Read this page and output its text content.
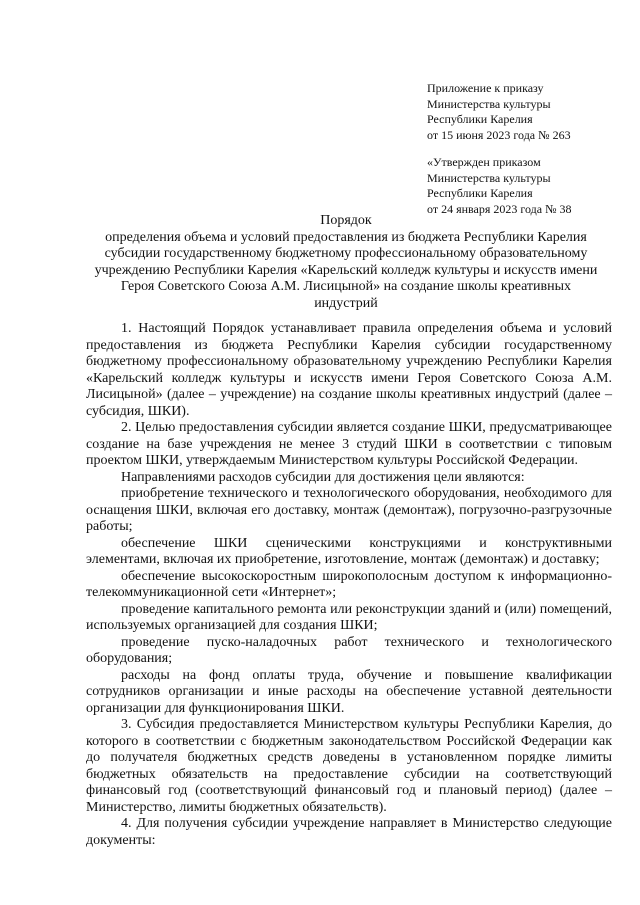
Приложение к приказу
Министерства культуры
Республики Карелия
от 15 июня 2023 года № 263
«Утвержден приказом
Министерства культуры
Республики Карелия
от 24 января 2023 года № 38
Порядок
определения объема и условий предоставления из бюджета Республики Карелия
субсидии государственному бюджетному профессиональному образовательному
учреждению Республики Карелия «Карельский колледж культуры и искусств имени
Героя Советского Союза А.М. Лисицыной» на создание школы креативных
индустрий

1. Настоящий Порядок устанавливает правила определения объема и условий предоставления из бюджета Республики Карелия субсидии государственному бюджетному профессиональному образовательному учреждению Республики Карелия «Карельский колледж культуры и искусств имени Героя Советского Союза А.М. Лисицыной» (далее – учреждение) на создание школы креативных индустрий (далее – субсидия, ШКИ).

2. Целью предоставления субсидии является создание ШКИ, предусматривающее создание на базе учреждения не менее 3 студий ШКИ в соответствии с типовым проектом ШКИ, утверждаемым Министерством культуры Российской Федерации.

Направлениями расходов субсидии для достижения цели являются:

приобретение технического и технологического оборудования, необходимого для оснащения ШКИ, включая его доставку, монтаж (демонтаж), погрузочно-разгрузочные работы;

обеспечение ШКИ сценическими конструкциями и конструктивными элементами, включая их приобретение, изготовление, монтаж (демонтаж) и доставку;

обеспечение высокоскоростным широкополосным доступом к информационно-телекоммуникационной сети «Интернет»;

проведение капитального ремонта или реконструкции зданий и (или) помещений, используемых организацией для создания ШКИ;

проведение пуско-наладочных работ технического и технологического оборудования;

расходы на фонд оплаты труда, обучение и повышение квалификации сотрудников организации и иные расходы на обеспечение уставной деятельности организации для функционирования ШКИ.

3. Субсидия предоставляется Министерством культуры Республики Карелия, до которого в соответствии с бюджетным законодательством Российской Федерации как до получателя бюджетных средств доведены в установленном порядке лимиты бюджетных обязательств на предоставление субсидии на соответствующий финансовый год (соответствующий финансовый год и плановый период) (далее – Министерство, лимиты бюджетных обязательств).

4. Для получения субсидии учреждение направляет в Министерство следующие документы:
